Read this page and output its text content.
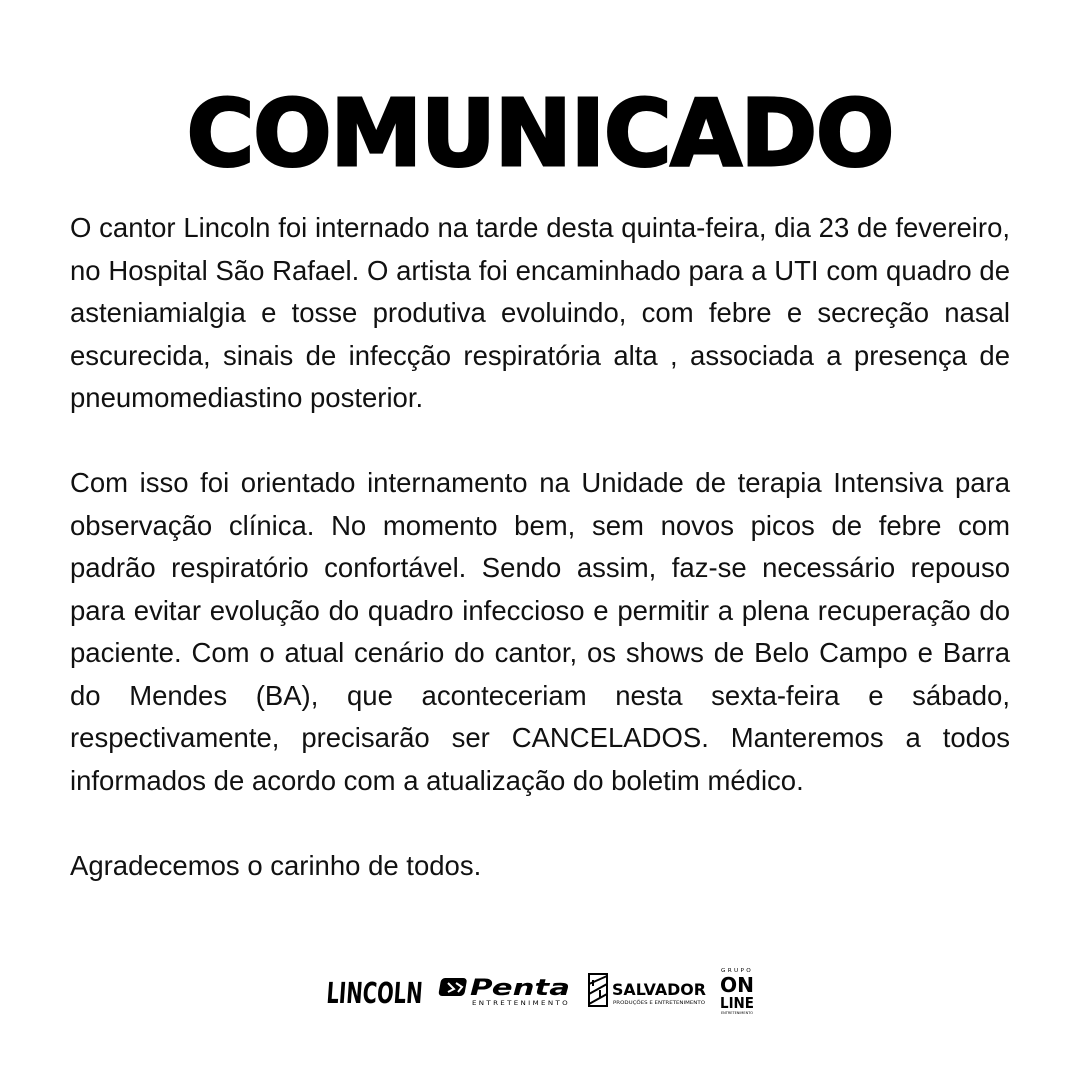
COMUNICADO

O cantor Lincoln foi internado na tarde desta quinta-feira, dia 23 de fevereiro, no Hospital São Rafael. O artista foi encaminhado para a UTI com quadro de asteniamialgia e tosse produtiva evoluindo, com febre e secreção nasal escurecida, sinais de infecção respiratória alta , associada a presença de pneumomediastino posterior.

Com isso foi orientado internamento na Unidade de terapia Intensiva para observação clínica. No momento bem, sem novos picos de febre com padrão respiratório confortável. Sendo assim, faz-se necessário repouso para evitar evolução do quadro infeccioso e permitir a plena recuperação do paciente. Com o atual cenário do cantor, os shows de Belo Campo e Barra do Mendes (BA), que aconteceriam nesta sexta-feira e sábado, respectivamente, precisarão ser CANCELADOS. Manteremos a todos informados de acordo com a atualização do boletim médico.

Agradecemos o carinho de todos.

LINCOLN Penta
ENTRETENIMENTO
SALVADOR
PRODUÇÕES E ENTRETENIMENTO
GRUPO
ON
LINE
ENTRETENIMENTO
